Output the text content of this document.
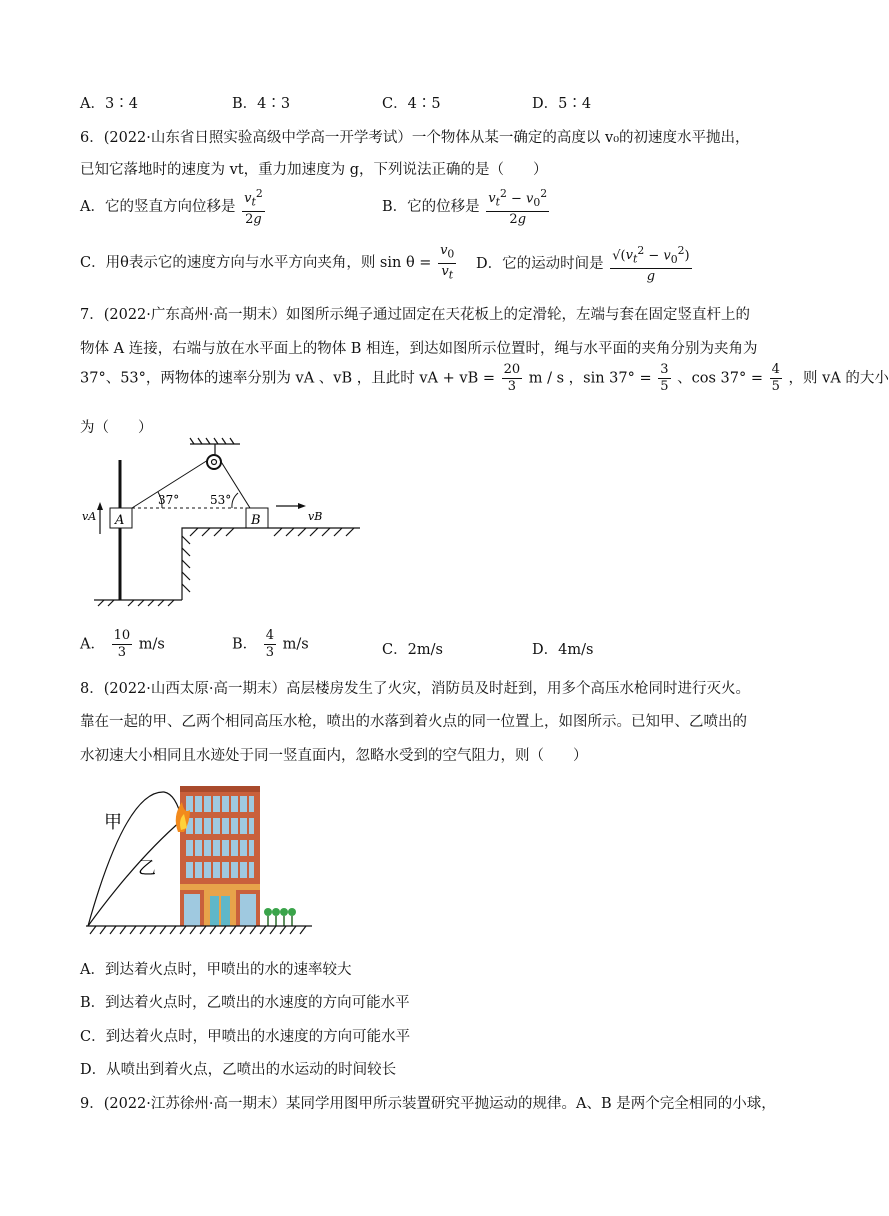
A．3∶4	B．4∶3	C．4∶5	D．5∶4
6．(2022·山东省日照实验高级中学高一开学考试）一个物体从某一确定的高度以 v₀的初速度水平抛出，
已知它落地时的速度为 vt，重力加速度为 g，下列说法正确的是（　　）
A．它的竖直方向位移是 $\frac{v_t^2}{2g}$	B．它的位移是 $\frac{v_t^2 - v_0^2}{2g}$
C．用θ表示它的速度方向与水平方向夹角，则 $\sin \theta = \frac{v_0}{v_t}$ D．它的运动时间是 $\frac{√(v_t^2 - v_0^2)}{g}$
7．(2022·广东高州·高一期末）如图所示绳子通过固定在天花板上的定滑轮，左端与套在固定竖直杆上的
物体 A 连接，右端与放在水平面上的物体 B 相连，到达如图所示位置时，绳与水平面的夹角分别为夹角为
37°、53°，两物体的速率分别为 vA 、vB ，且此时 vA + vB = $\frac{20}{3}$ m / s ，$\sin 37^\circ = \frac{3}{5}$ 、$\cos 37^\circ = \frac{4}{5}$ ，则 vA 的大小
为（　　）
37°	53°
A
vA	B	vB
A． $\frac{10}{3} m/s$	B． $\frac{4}{3} m/s$	C．2m/s	D．4m/s
8．(2022·山西太原·高一期末）高层楼房发生了火灾，消防员及时赶到，用多个高压水枪同时进行灭火。
靠在一起的甲、乙两个相同高压水枪，喷出的水落到着火点的同一位置上，如图所示。已知甲、乙喷出的
水初速大小相同且水迹处于同一竖直面内，忽略水受到的空气阻力，则（　　）
甲
乙
A．到达着火点时，甲喷出的水的速率较大
B．到达着火点时，乙喷出的水速度的方向可能水平
C．到达着火点时，甲喷出的水速度的方向可能水平
D．从喷出到着火点，乙喷出的水运动的时间较长
9．(2022·江苏徐州·高一期末）某同学用图甲所示装置研究平抛运动的规律。A、B 是两个完全相同的小球，
